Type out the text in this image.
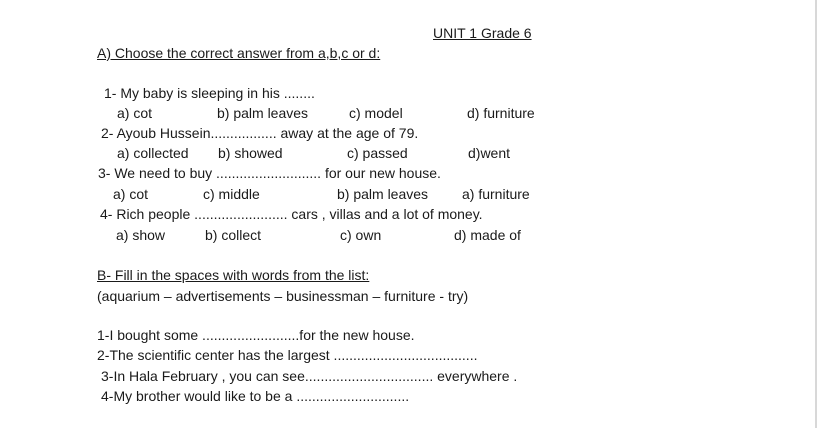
UNIT 1 Grade 6
A) Choose the correct answer from a,b,c or d:
1- My baby is sleeping in his ........
a) cot	b) palm leaves	c) model	d) furniture
2- Ayoub Hussein................. away at the age of 79.
a) collected b) showed	c) passed	d)went
3- We need to buy ........................... for our new house.
a) cot	c) middle	b) palm leaves a) furniture
4- Rich people ........................ cars , villas and a lot of money.
a) show	b) collect	c) own	d) made of
B- Fill in the spaces with words from the list:
(aquarium – advertisements – businessman – furniture - try)
1-I bought some .........................for the new house.
2-The scientific center has the largest .....................................
3-In Hala February , you can see................................. everywhere .
4-My brother would like to be a .............................
